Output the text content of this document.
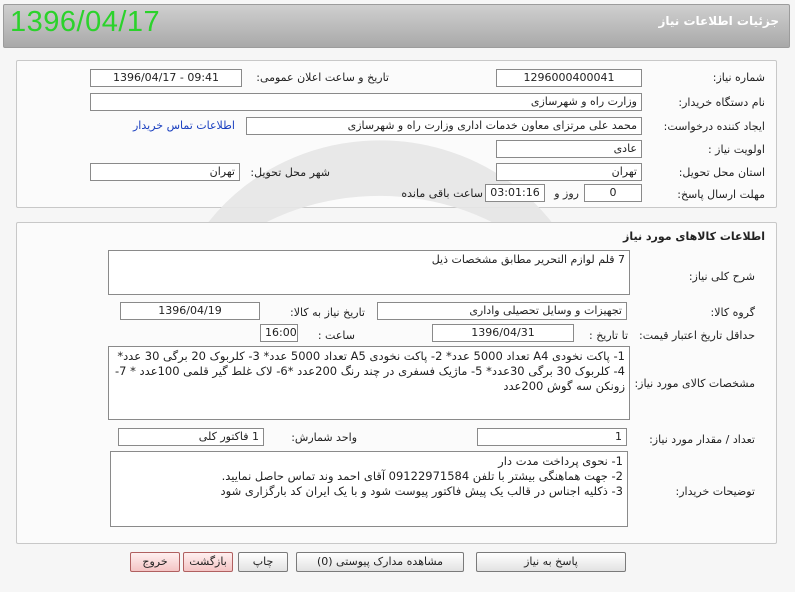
جزئیات اطلاعات نیاز
1396/04/17
شماره نیاز:
1296000400041
تاریخ و ساعت اعلان عمومی:
1396/04/17 - 09:41
نام دستگاه خریدار:
وزارت راه و شهرسازی
ایجاد کننده درخواست:
محمد علی مرتزای معاون خدمات اداری وزارت راه و شهرسازی
اطلاعات تماس خریدار
اولویت نیاز :
عادی
استان محل تحویل:
تهران
شهر محل تحویل:
تهران
مهلت ارسال پاسخ:
0
روز و
03:01:16
ساعت باقی مانده
اطلاعات کالاهای مورد نیاز
شرح کلی نیاز:
7 قلم لوازم التحریر مطابق مشخصات ذیل
گروه کالا:
تجهیزات و وسایل تحصیلی واداری
تاریخ نیاز به کالا:
1396/04/19
حداقل تاریخ اعتبار قیمت:
تا تاریخ :
1396/04/31
ساعت :
16:00
مشخصات کالای مورد نیاز:
1- پاکت نخودی A4 تعداد 5000 عدد* 2- پاکت نخودی A5 تعداد 5000 عدد* 3- کلربوک 20 برگی 30 عدد* 4- کلربوک 30 برگی 30عدد* 5- ماژیک فسفری در چند رنگ 200عدد *6- لاک غلط گیر قلمی 100عدد * 7- زونکن سه گوش 200عدد
تعداد / مقدار مورد نیاز:
1
واحد شمارش:
1 فاکتور کلی
توضیحات خریدار:
1- نحوی پرداخت مدت دار
2- جهت هماهنگی بیشتر با تلفن 09122971584 آقای احمد وند تماس حاصل نمایید.
3- ذکلیه اجناس در قالب یک پیش فاکتور پیوست شود و با یک ایران کد بارگزاری شود
پاسخ به نیاز
مشاهده مدارک پیوستی (0)
چاپ
بازگشت
خروج
